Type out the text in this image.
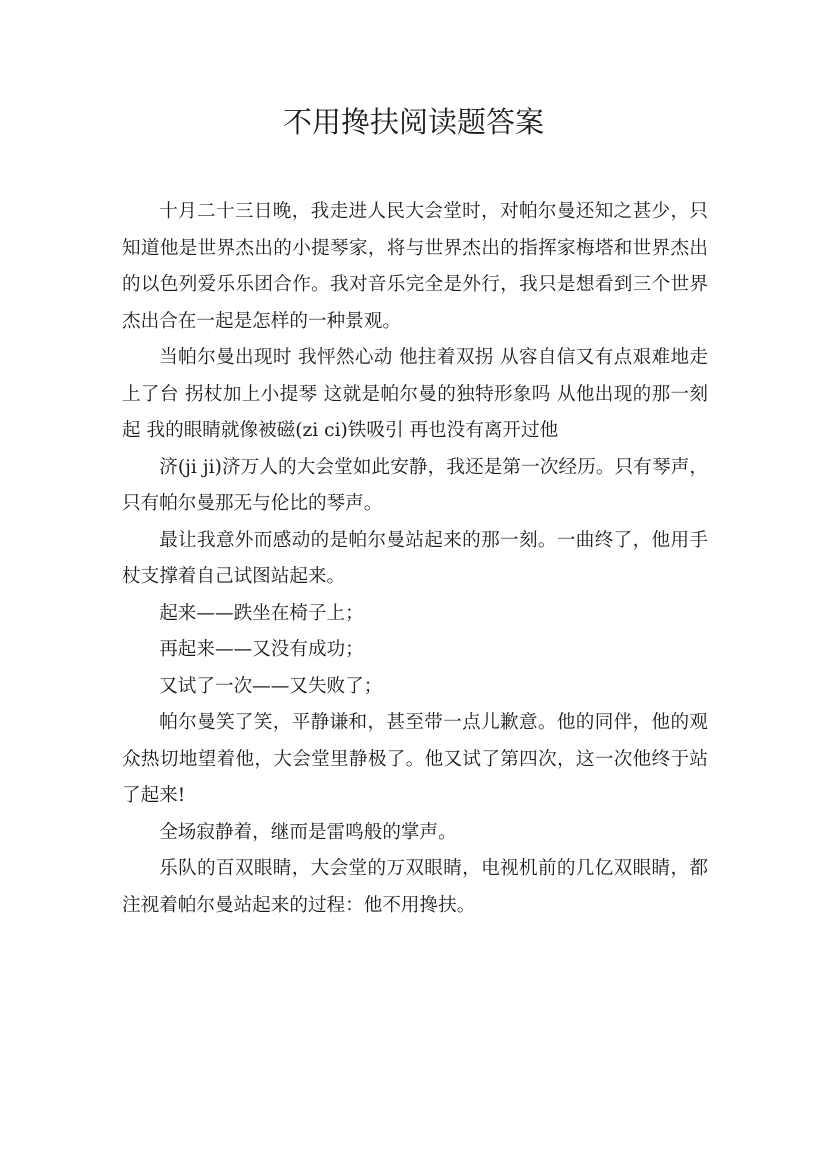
不用搀扶阅读题答案

十月二十三日晚，我走进人民大会堂时，对帕尔曼还知之甚少，只知道他是世界杰出的小提琴家，将与世界杰出的指挥家梅塔和世界杰出的以色列爱乐乐团合作。我对音乐完全是外行，我只是想看到三个世界杰出合在一起是怎样的一种景观。

当帕尔曼出现时 我怦然心动 他拄着双拐 从容自信又有点艰难地走上了台 拐杖加上小提琴 这就是帕尔曼的独特形象吗 从他出现的那一刻起 我的眼睛就像被磁(zi ci)铁吸引 再也没有离开过他

济(ji ji)济万人的大会堂如此安静，我还是第一次经历。只有琴声，只有帕尔曼那无与伦比的琴声。

最让我意外而感动的是帕尔曼站起来的那一刻。一曲终了，他用手杖支撑着自己试图站起来。

起来——跌坐在椅子上；

再起来——又没有成功；

又试了一次——又失败了；

帕尔曼笑了笑，平静谦和，甚至带一点儿歉意。他的同伴，他的观众热切地望着他，大会堂里静极了。他又试了第四次，这一次他终于站了起来!

全场寂静着，继而是雷鸣般的掌声。

乐队的百双眼睛，大会堂的万双眼睛，电视机前的几亿双眼睛，都注视着帕尔曼站起来的过程：他不用搀扶。
